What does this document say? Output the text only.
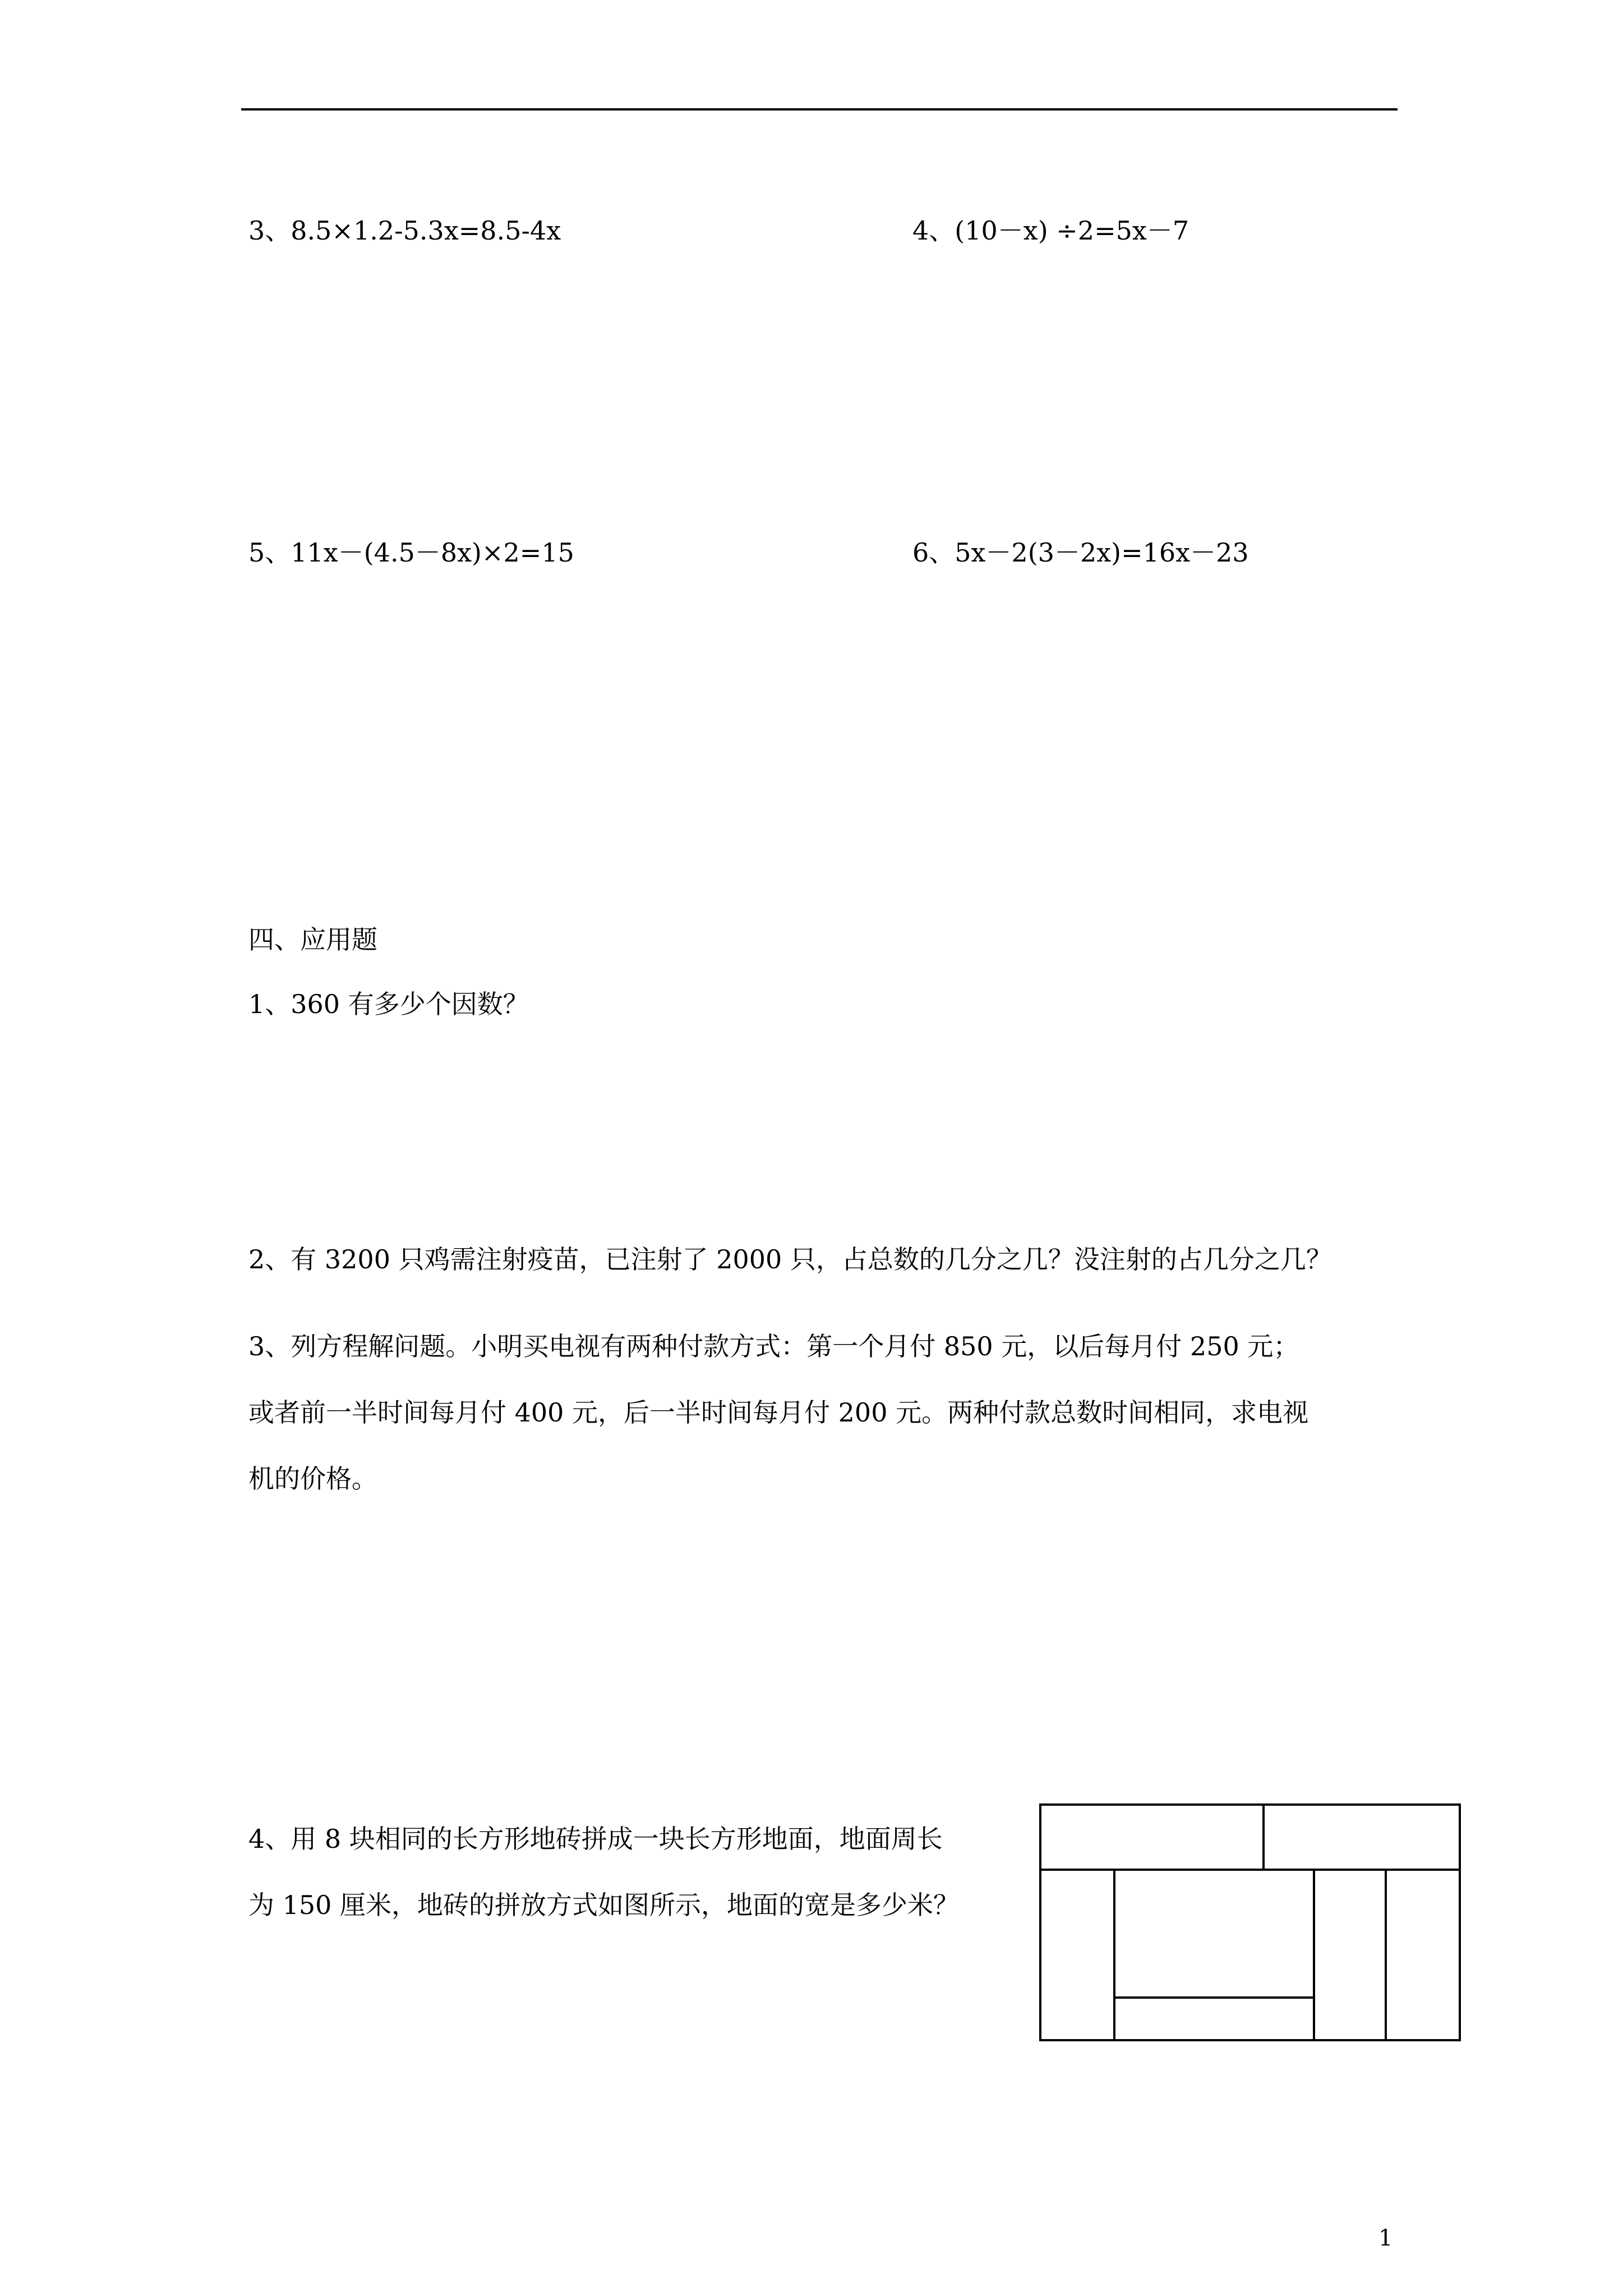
3、8.5×1.2-5.3x=8.5-4x	4、(10－x) ÷2=5x－7
5、11x－(4.5－8x)×2=15	6、5x－2(3－2x)=16x－23
四、应用题
1、360 有多少个因数？
2、有 3200 只鸡需注射疫苗，已注射了 2000 只，占总数的几分之几？没注射的占几分之几？
3、列方程解问题。小明买电视有两种付款方式：第一个月付 850 元，以后每月付 250 元；
或者前一半时间每月付 400 元，后一半时间每月付 200 元。两种付款总数时间相同，求电视
机的价格。
4、用 8 块相同的长方形地砖拼成一块长方形地面，地面周长
为 150 厘米，地砖的拼放方式如图所示，地面的宽是多少米？
1
